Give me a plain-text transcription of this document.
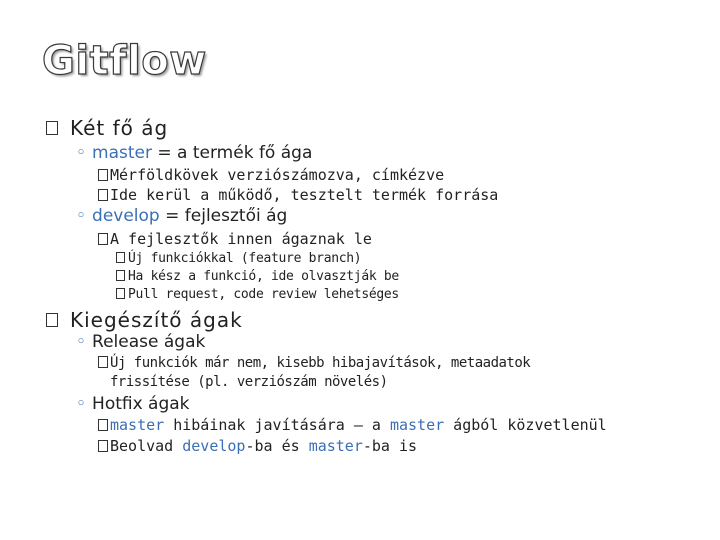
Gitflow
Két fő ág
◦ master = a termék fő ága
Mérföldkövek verziószámozva, címkézve
Ide kerül a működő, tesztelt termék forrása
◦ develop = fejlesztői ág
A fejlesztők innen ágaznak le
Új funkciókkal (feature branch)
Ha kész a funkció, ide olvasztják be
Pull request, code review lehetséges
Kiegészítő ágak
◦ Release ágak
Új funkciók már nem, kisebb hibajavítások, metaadatok
frissítése (pl. verziószám növelés)
◦ Hotfix ágak
master hibáinak javítására – a master ágból közvetlenül
Beolvad develop-ba és master-ba is
